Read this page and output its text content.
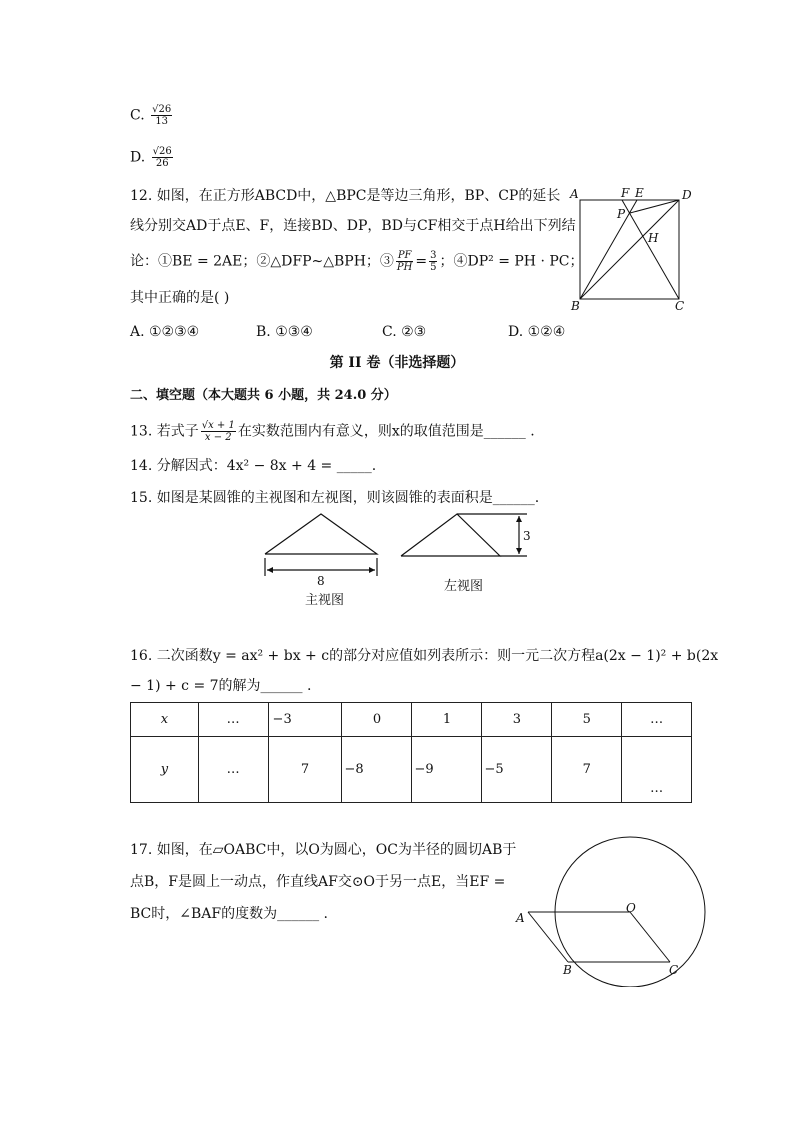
C. $\frac{√26}{13}$
D. $\frac{√26}{26}$
12. 如图，在正方形ABCD中，△BPC是等边三角形，BP、CP的延长
线分别交AD于点E、F，连接BD、DP，BD与CF相交于点H给出下列结
论：①BE = 2AE；②△DFP∼△BPH；③ $\frac{PF}{PH} = \frac{3}{5}$ ；④DP² = PH · PC；
其中正确的是( )
A. ①②③④	B. ①③④	C. ②③	D. ①②④
A	F E	D
P
H
B	C
第 II 卷（非选择题）
二、填空题（本大题共 6 小题，共 24.0 分）
13. 若式子 $\frac{√x + 1}{x - 2}$ 在实数范围内有意义，则x的取值范围是______ .
14. 分解因式：4x² − 8x + 4 = _____.
15. 如图是某圆锥的主视图和左视图，则该圆锥的表面积是______.
8
3
主视图
左视图
16. 二次函数y = ax² + bx + c的部分对应值如列表所示：则一元二次方程a(2x − 1)² + b(2x
− 1) + c = 7的解为______ .
x	…	−3	0	1	3	5	…
y	…	7	−8	−9	−5	7	…
17. 如图，在▱OABC中，以O为圆心，OC为半径的圆切AB于
点B，F是圆上一动点，作直线AF交⊙O于另一点E，当EF =
BC时，∠BAF的度数为______ .	A
O
B	C
